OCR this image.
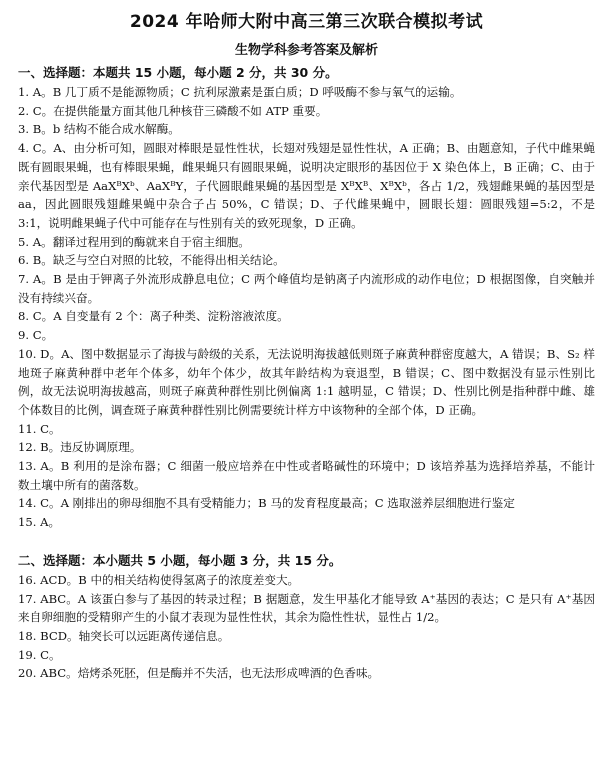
2024 年哈师大附中高三第三次联合模拟考试
生物学科参考答案及解析
一、选择题：本题共 15 小题，每小题 2 分，共 30 分。
1. A。B 几丁质不是能源物质；C 抗利尿激素是蛋白质；D 呼吸酶不参与氧气的运输。
2. C。在提供能量方面其他几种核苷三磷酸不如 ATP 重要。
3. B。b 结构不能合成水解酶。
4. C。A、由分析可知，圆眼对棒眼是显性性状，长翅对残翅是显性性状，A 正确；B、由题意知，子代中雌果蝇既有圆眼果蝇，也有棒眼果蝇，雌果蝇只有圆眼果蝇，说明决定眼形的基因位于 X 染色体上，B 正确；C、由于亲代基因型是 AaXᴮXᵇ、AaXᴮY，子代圆眼雌果蝇的基因型是 XᴮXᴮ、XᴮXᵇ，各占 1/2，残翅雌果蝇的基因型是 aa，因此圆眼残翅雌果蝇中杂合子占 50%，C 错误；D、子代雌果蝇中，圆眼长翅：圆眼残翅=5:2，不是 3:1，说明雌果蝇子代中可能存在与性别有关的致死现象，D 正确。
5. A。翻译过程用到的酶就来自于宿主细胞。
6. B。缺乏与空白对照的比较，不能得出相关结论。
7. A。B 是由于钾离子外流形成静息电位；C 两个峰值均是钠离子内流形成的动作电位；D 根据图像，自突触并没有持续兴奋。
8. C。A 自变量有 2 个：离子种类、淀粉溶液浓度。
9. C。
10. D。A、图中数据显示了海拔与龄级的关系，无法说明海拔越低则斑子麻黄种群密度越大，A 错误；B、S₂ 样地斑子麻黄种群中老年个体多，幼年个体少，故其年龄结构为衰退型，B 错误；C、图中数据没有显示性别比例，故无法说明海拔越高，则斑子麻黄种群性别比例偏离 1:1 越明显，C 错误；D、性别比例是指种群中雌、雄个体数目的比例，调查斑子麻黄种群性别比例需要统计样方中该物种的全部个体，D 正确。
11. C。
12. B。违反协调原理。
13. A。B 利用的是涂布器；C 细菌一般应培养在中性或者略碱性的环境中；D 该培养基为选择培养基，不能计数土壤中所有的菌落数。
14. C。A 刚排出的卵母细胞不具有受精能力；B 马的发育程度最高；C 选取滋养层细胞进行鉴定
15. A。
二、选择题：本小题共 5 小题，每小题 3 分，共 15 分。
16. ACD。B 中的相关结构使得氢离子的浓度差变大。
17. ABC。A 该蛋白参与了基因的转录过程；B 据题意，发生甲基化才能导致 A⁺基因的表达；C 是只有 A⁺基因来自卵细胞的受精卵产生的小鼠才表现为显性性状，其余为隐性性状，显性占 1/2。
18. BCD。轴突长可以远距离传递信息。
19. C。
20. ABC。焙烤杀死胚，但是酶并不失活，也无法形成啤酒的色香味。
